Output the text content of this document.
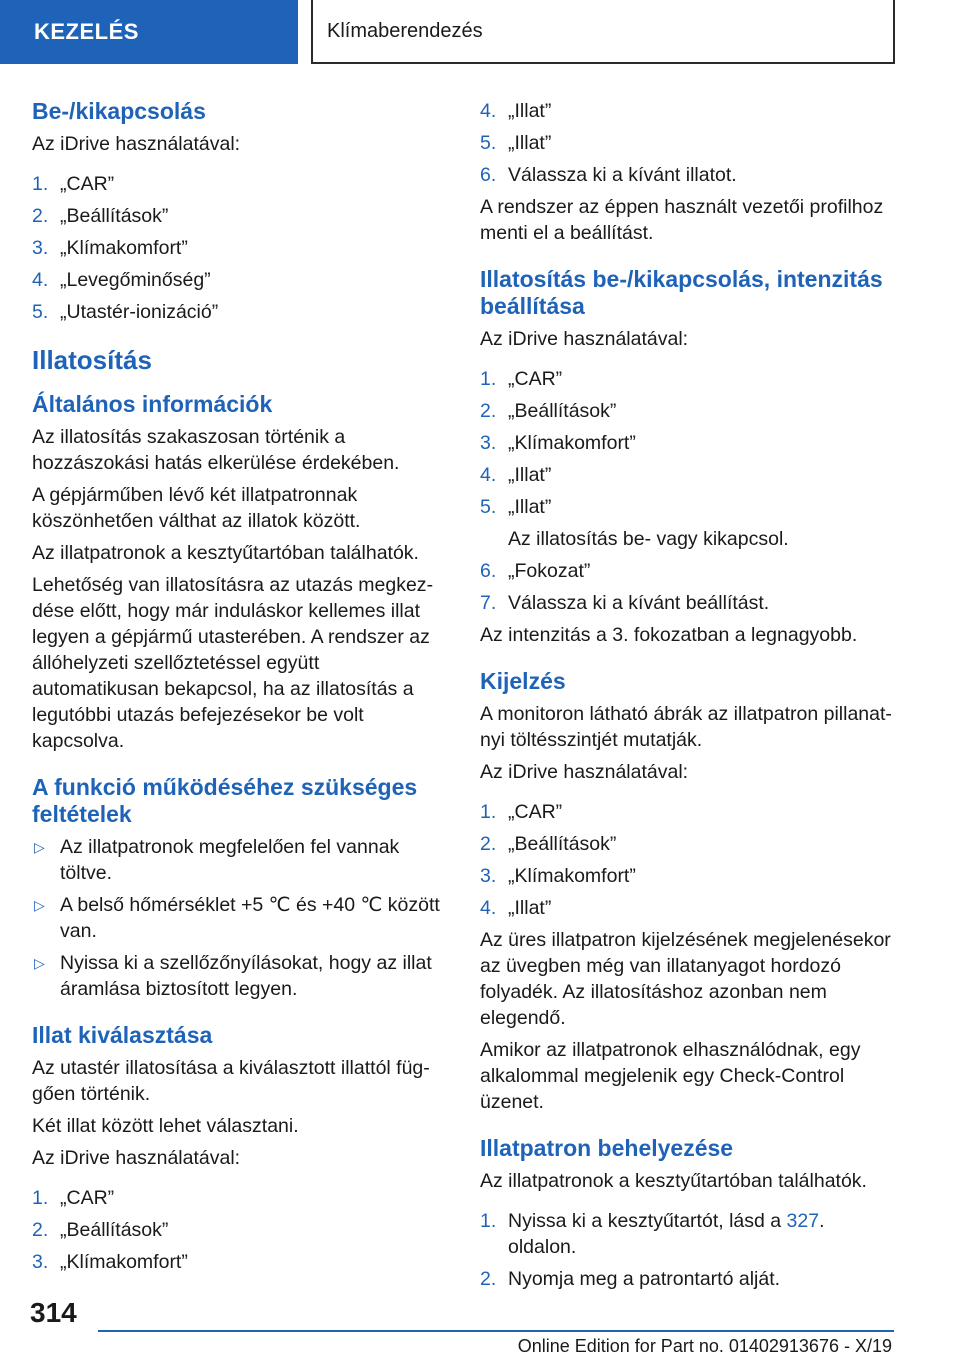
KEZELÉS	Klímaberendezés
Be-/kikapcsolás

Az iDrive használatával:

1. „CAR”
2. „Beállítások”
3. „Klímakomfort”
4. „Levegőminőség”
5. „Utastér-ionizáció”
Illatosítás
Általános információk

Az illatosítás szakaszosan történik a hozzászokási hatás elkerülése érdekében.

A gépjárműben lévő két illatpatronnak köszönhetően válthat az illatok között.

Az illatpatronok a kesztyűtartóban találhatók.

Lehetőség van illatosításra az utazás megkezdése előtt, hogy már induláskor kellemes illat legyen a gépjármű utasterében. A rendszer az állóhelyzeti szellőztetéssel együtt automatikusan bekapcsol, ha az illatosítás a legutóbbi utazás befejezésekor be volt kapcsolva.

A funkció működéséhez szükséges feltételek
▷ Az illatpatronok megfelelően fel vannak töltve.
▷ A belső hőmérséklet +5 ℃ és +40 ℃ között van.
▷ Nyissa ki a szellőzőnyílásokat, hogy az illat áramlása biztosított legyen.
Illat kiválasztása

Az utastér illatosítása a kiválasztott illattól függően történik.

Két illat között lehet választani.

Az iDrive használatával:

1. „CAR”
2. „Beállítások”
3. „Klímakomfort”
4. „Illat”
5. „Illat”
6. Válassza ki a kívánt illatot.

A rendszer az éppen használt vezetői profilhoz menti el a beállítást.

Illatosítás be-/kikapcsolás, intenzitás beállítása

Az iDrive használatával:

1. „CAR”
2. „Beállítások”
3. „Klímakomfort”
4. „Illat”
5. „Illat”

Az illatosítás be- vagy kikapcsol.

6. „Fokozat”
7. Válassza ki a kívánt beállítást.

Az intenzitás a 3. fokozatban a legnagyobb.

Kijelzés

A monitoron látható ábrák az illatpatron pillanatnyi töltésszintjét mutatják.

Az iDrive használatával:

1. „CAR”
2. „Beállítások”
3. „Klímakomfort”
4. „Illat”

Az üres illatpatron kijelzésének megjelenésekor az üvegben még van illatanyagot hordozó folyadék. Az illatosításhoz azonban nem elegendő.

Amikor az illatpatronok elhasználódnak, egy alkalommal megjelenik egy Check-Control üzenet.

Illatpatron behelyezése

Az illatpatronok a kesztyűtartóban találhatók.

1. Nyissa ki a kesztyűtartót, lásd a 327. oldalon.
2. Nyomja meg a patrontartó alját.
314
Online Edition for Part no. 01402913676 - X/19
